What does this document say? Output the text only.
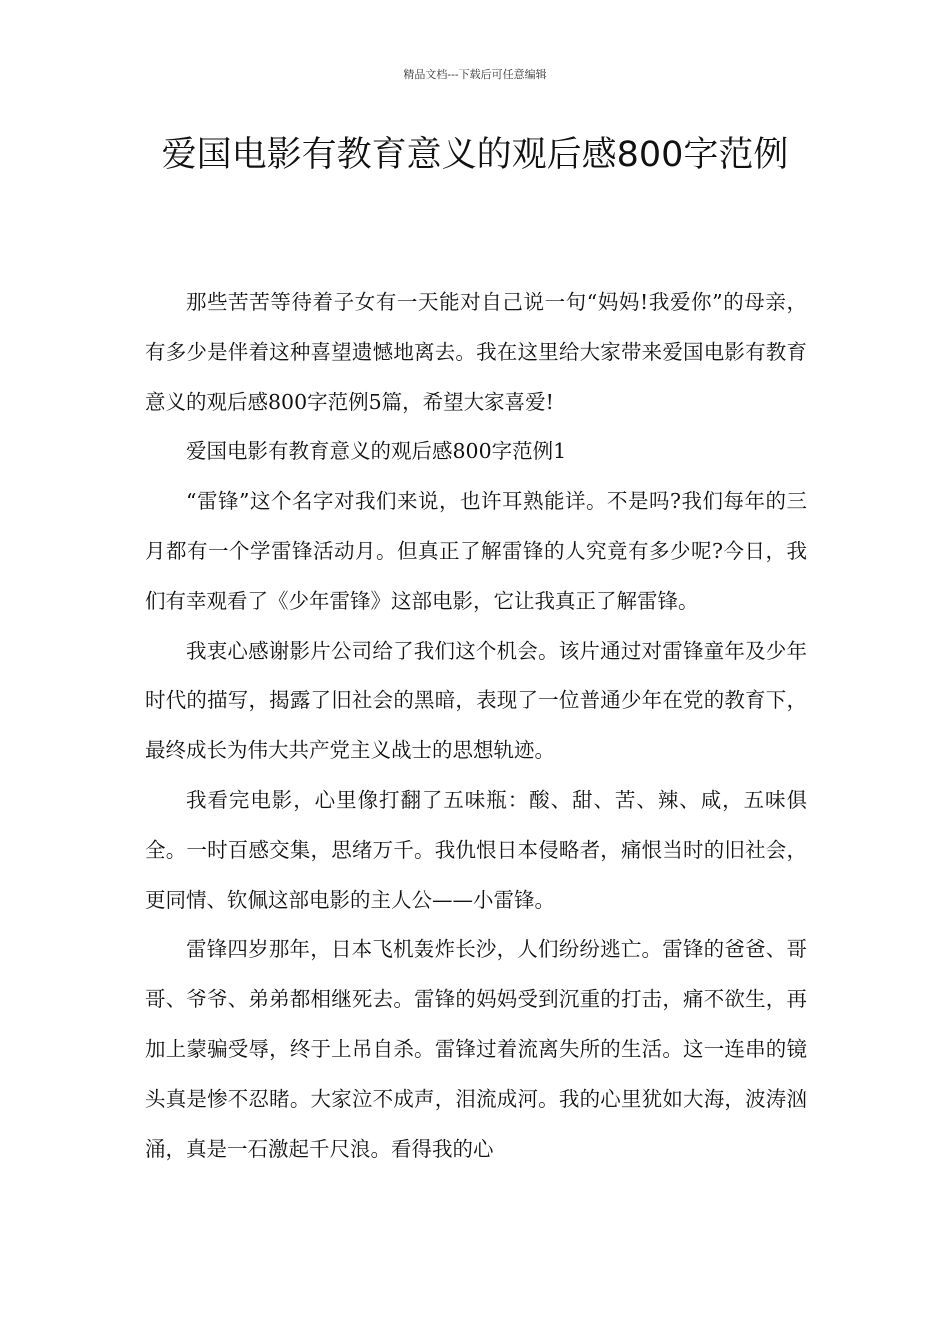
精品文档---下载后可任意编辑
爱国电影有教育意义的观后感800字范例

那些苦苦等待着子女有一天能对自己说一句“妈妈!我爱你”的母亲，有多少是伴着这种喜望遗憾地离去。我在这里给大家带来爱国电影有教育意义的观后感800字范例5篇，希望大家喜爱!

爱国电影有教育意义的观后感800字范例1

“雷锋”这个名字对我们来说，也许耳熟能详。不是吗?我们每年的三月都有一个学雷锋活动月。但真正了解雷锋的人究竟有多少呢?今日，我们有幸观看了《少年雷锋》这部电影，它让我真正了解雷锋。

我衷心感谢影片公司给了我们这个机会。该片通过对雷锋童年及少年时代的描写，揭露了旧社会的黑暗，表现了一位普通少年在党的教育下，最终成长为伟大共产党主义战士的思想轨迹。

我看完电影，心里像打翻了五味瓶：酸、甜、苦、辣、咸，五味俱全。一时百感交集，思绪万千。我仇恨日本侵略者，痛恨当时的旧社会，更同情、钦佩这部电影的主人公——小雷锋。

雷锋四岁那年，日本飞机轰炸长沙，人们纷纷逃亡。雷锋的爸爸、哥哥、爷爷、弟弟都相继死去。雷锋的妈妈受到沉重的打击，痛不欲生，再加上蒙骗受辱，终于上吊自杀。雷锋过着流离失所的生活。这一连串的镜头真是惨不忍睹。大家泣不成声，泪流成河。我的心里犹如大海，波涛汹涌，真是一石激起千尺浪。看得我的心
